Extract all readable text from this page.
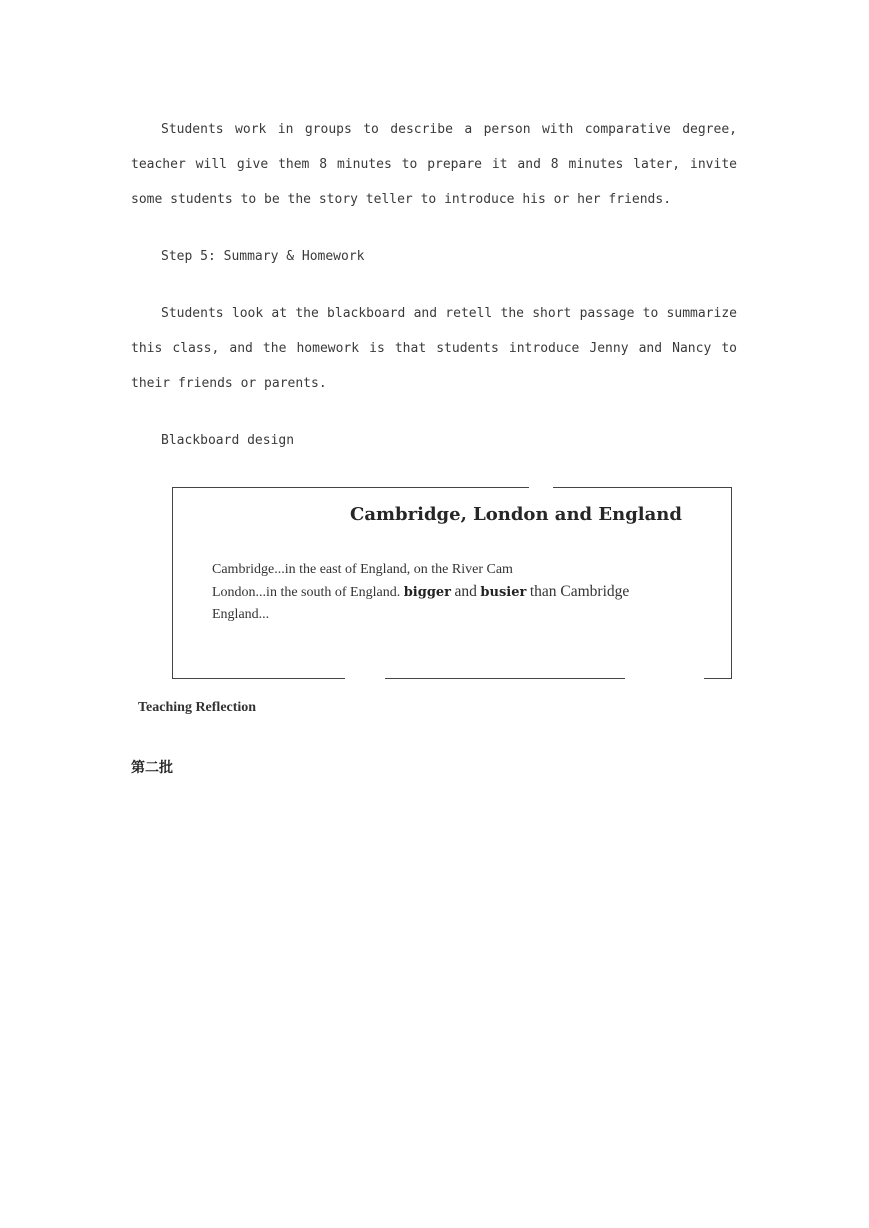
Students work in groups to describe a person with comparative degree, teacher will give them 8 minutes to prepare it and 8 minutes later, invite some students to be the story teller to introduce his or her friends.

Step 5: Summary & Homework

Students look at the blackboard and retell the short passage to summarize this class, and the homework is that students introduce Jenny and Nancy to their friends or parents.

Blackboard design

Cambridge, London and England
Cambridge...in the east of England, on the River Cam
London...in the south of England. bigger and busier than Cambridge
England...
Teaching Reflection
第二批
